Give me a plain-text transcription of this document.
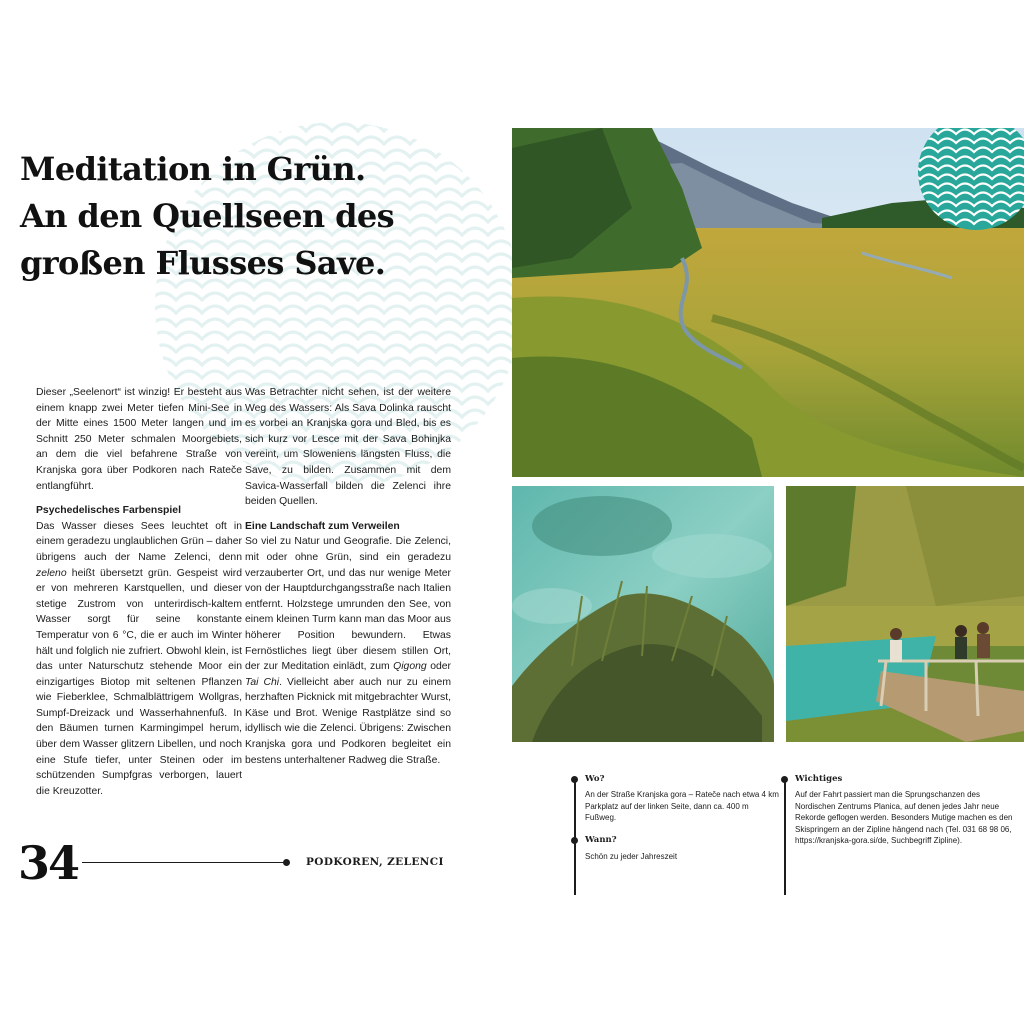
Meditation in Grün.
An den Quellseen des
großen Flusses Save.

Dieser „Seelenort“ ist winzig! Er besteht aus einem knapp zwei Meter tiefen Mini-See in der Mitte eines 1500 Meter langen und im Schnitt 250 Meter schmalen Moorgebiets, an dem die viel befahrene Straße von Kranjska gora über Podkoren nach Rateče entlangführt.

Psychedelisches Farbenspiel

Das Wasser dieses Sees leuchtet oft in einem geradezu unglaublichen Grün – daher übrigens auch der Name Zelenci, denn zeleno heißt übersetzt grün. Gespeist wird er von mehreren Karstquellen, und dieser stetige Zustrom von unterirdisch-kaltem Wasser sorgt für seine konstante Temperatur von 6 °C, die er auch im Winter hält und folglich nie zufriert. Obwohl klein, ist das unter Naturschutz stehende Moor ein einzigartiges Biotop mit seltenen Pflanzen wie Fieberklee, Schmalblättrigem Wollgras, Sumpf-Dreizack und Wasserhahnenfuß. In den Bäumen turnen Karmingimpel herum, über dem Wasser glitzern Libellen, und noch eine Stufe tiefer, unter Steinen oder im schützenden Sumpfgras verborgen, lauert die Kreuzotter.

Was Betrachter nicht sehen, ist der weitere Weg des Wassers: Als Sava Dolinka rauscht es vorbei an Kranjska gora und Bled, bis es sich kurz vor Lesce mit der Sava Bohinjka vereint, um Sloweniens längsten Fluss, die Save, zu bilden. Zusammen mit dem Savica-Wasserfall bilden die Zelenci ihre beiden Quellen.

Eine Landschaft zum Verweilen

So viel zu Natur und Geografie. Die Zelenci, mit oder ohne Grün, sind ein geradezu verzauberter Ort, und das nur wenige Meter von der Hauptdurchgangsstraße nach Italien entfernt. Holzstege umrunden den See, von einem kleinen Turm kann man das Moor aus höherer Position bewundern. Etwas Fernöstliches liegt über diesem stillen Ort, der zur Meditation einlädt, zum Qigong oder Tai Chi. Vielleicht aber auch nur zu einem herzhaften Picknick mit mitgebrachter Wurst, Käse und Brot. Wenige Rastplätze sind so idyllisch wie die Zelenci. Übrigens: Zwischen Kranjska gora und Podkoren begleitet ein bestens unterhaltener Radweg die Straße.

Wo?
An der Straße Kranjska gora – Rateče nach etwa 4 km Parkplatz auf der linken Seite, dann ca. 400 m Fußweg.
Wann?
Schön zu jeder Jahreszeit
Wichtiges
Auf der Fahrt passiert man die Sprungschanzen des Nordischen Zentrums Planica, auf denen jedes Jahr neue Rekorde geflogen werden. Besonders Mutige machen es den Skispringern an der Zipline hängend nach (Tel. 031 68 98 06, https://kranjska-gora.si/de, Suchbegriff Zipline).
34	PODKOREN, ZELENCI
